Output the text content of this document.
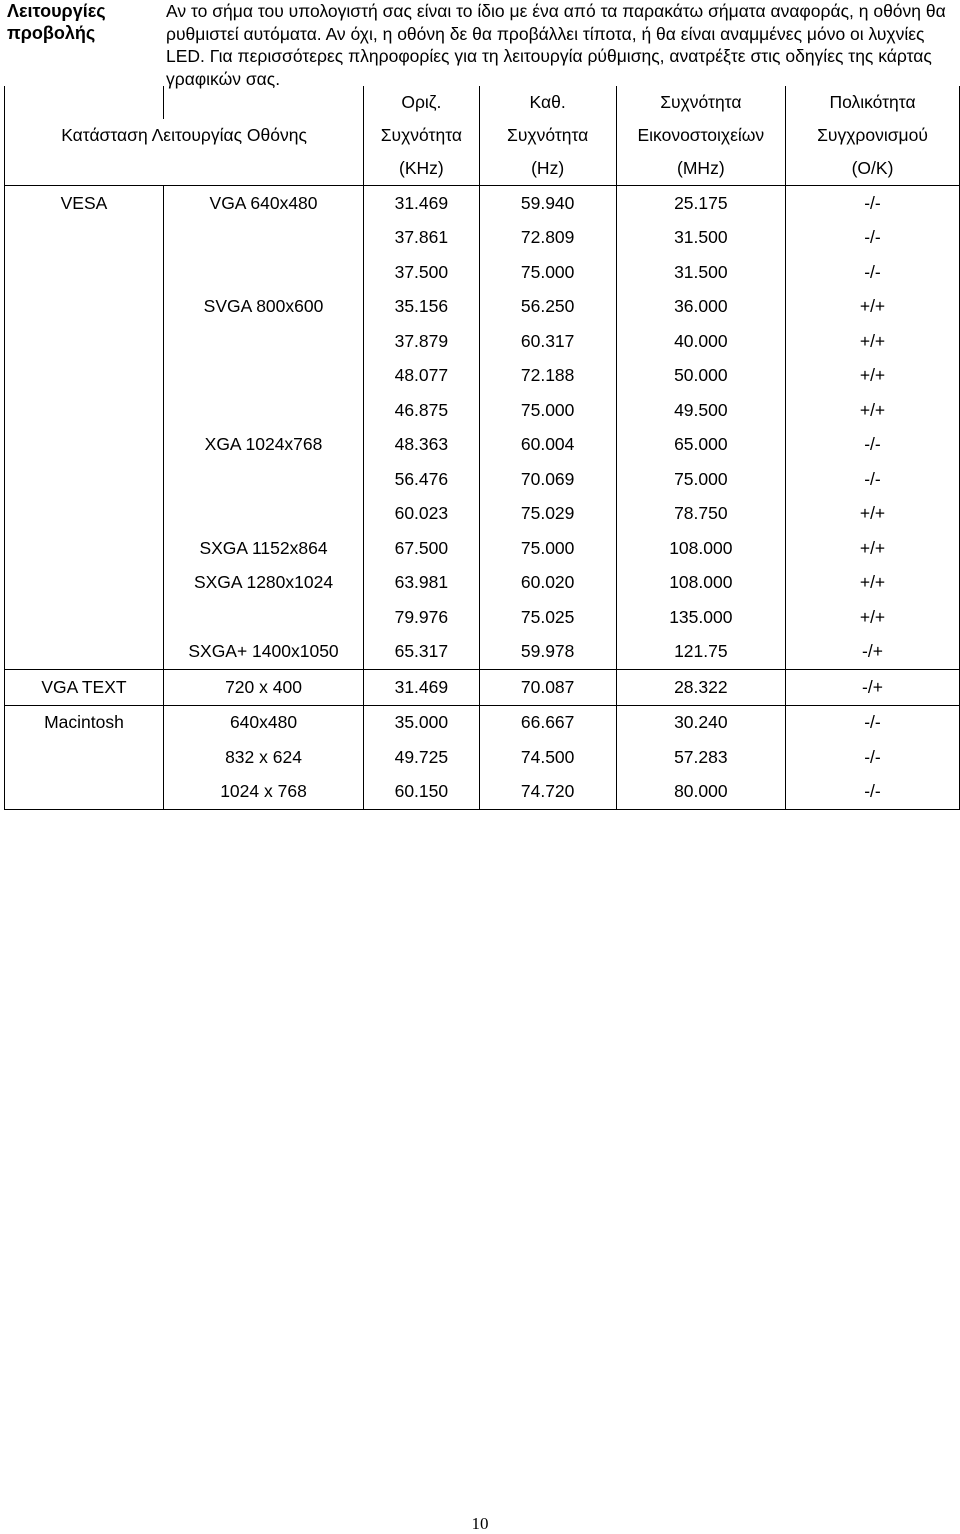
Λειτουργίες
προβολής
Αν το σήμα του υπολογιστή σας είναι το ίδιο με ένα από τα παρακάτω σήματα αναφοράς, η οθόνη θα ρυθμιστεί αυτόματα. Αν όχι, η οθόνη δε θα προβάλλει τίποτα, ή θα είναι αναμμένες μόνο οι λυχνίες LED. Για περισσότερες πληροφορίες για τη λειτουργία ρύθμισης, ανατρέξτε στις οδηγίες της κάρτας γραφικών σας.
		Οριζ.	Καθ.	Συχνότητα	Πολικότητα
Κατάσταση Λειτουργίας Οθόνης		Συχνότητα	Συχνότητα	Εικονοστοιχείων	Συγχρονισμού
		(KHz)	(Hz)	(MHz)	(O/K)
VESA	VGA 640x480	31.469	59.940	25.175	-/-
		37.861	72.809	31.500	-/-
		37.500	75.000	31.500	-/-
	SVGA 800x600	35.156	56.250	36.000	+/+
		37.879	60.317	40.000	+/+
		48.077	72.188	50.000	+/+
		46.875	75.000	49.500	+/+
	XGA 1024x768	48.363	60.004	65.000	-/-
		56.476	70.069	75.000	-/-
		60.023	75.029	78.750	+/+
	SXGA 1152x864	67.500	75.000	108.000	+/+
	SXGA 1280x1024	63.981	60.020	108.000	+/+
		79.976	75.025	135.000	+/+
	SXGA+ 1400x1050	65.317	59.978	121.75	-/+
VGA TEXT	720 x 400	31.469	70.087	28.322	-/+
Macintosh	640x480	35.000	66.667	30.240	-/-
	832 x 624	49.725	74.500	57.283	-/-
	1024 x 768	60.150	74.720	80.000	-/-
10
